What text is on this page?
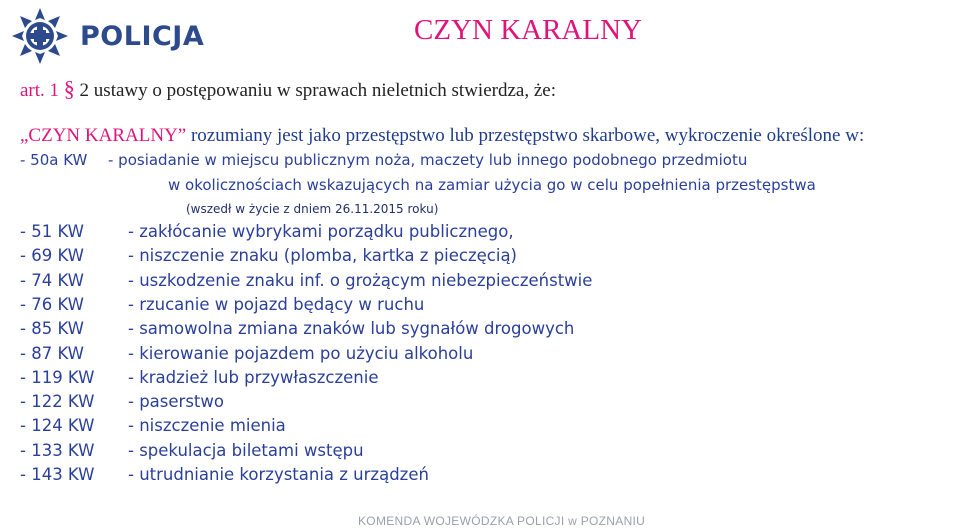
POLICJA	CZYN KARALNY
art. 1 § 2 ustawy o postępowaniu w sprawach nieletnich stwierdza, że:
„CZYN KARALNY” rozumiany jest jako przestępstwo lub przestępstwo skarbowe, wykroczenie określone w:
- 50a KW - posiadanie w miejscu publicznym noża, maczety lub innego podobnego przedmiotu
w okolicznościach wskazujących na zamiar użycia go w celu popełnienia przestępstwa
(wszedł w życie z dniem 26.11.2015 roku)
- 51 KW	- zakłócanie wybrykami porządku publicznego,
- 69 KW	- niszczenie znaku (plomba, kartka z pieczęcią)
- 74 KW	- uszkodzenie znaku inf. o grożącym niebezpieczeństwie
- 76 KW	- rzucanie w pojazd będący w ruchu
- 85 KW	- samowolna zmiana znaków lub sygnałów drogowych
- 87 KW	- kierowanie pojazdem po użyciu alkoholu
- 119 KW - kradzież lub przywłaszczenie
- 122 KW - paserstwo
- 124 KW - niszczenie mienia
- 133 KW - spekulacja biletami wstępu
- 143 KW - utrudnianie korzystania z urządzeń
KOMENDA WOJEWÓDZKA POLICJI w POZNANIU
